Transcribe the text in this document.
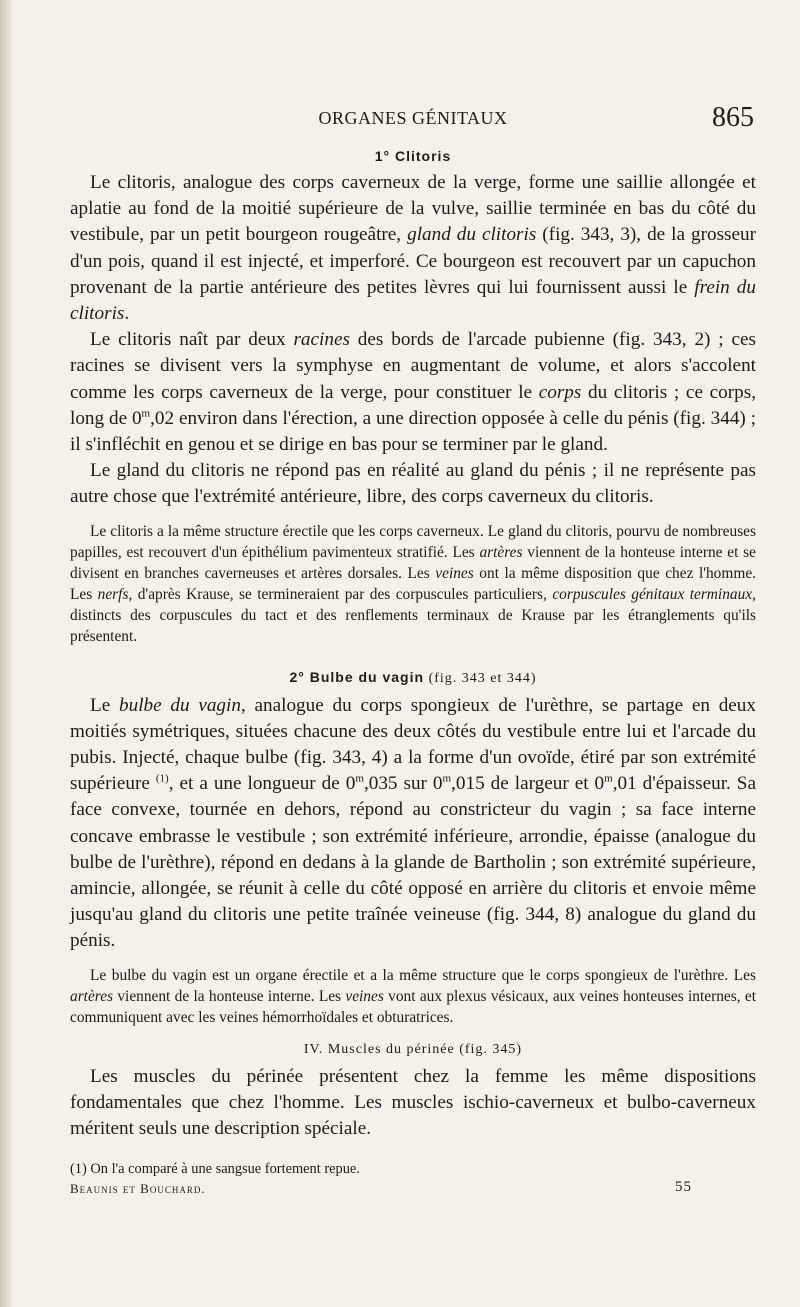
ORGANES GÉNITAUX	865
1° Clitoris

Le clitoris, analogue des corps caverneux de la verge, forme une saillie allongée et aplatie au fond de la moitié supérieure de la vulve, saillie terminée en bas du côté du vestibule, par un petit bourgeon rougeâtre, gland du clitoris (fig. 343, 3), de la grosseur d'un pois, quand il est injecté, et imperforé. Ce bourgeon est recouvert par un capuchon provenant de la partie antérieure des petites lèvres qui lui fournissent aussi le frein du clitoris.

Le clitoris naît par deux racines des bords de l'arcade pubienne (fig. 343, 2) ; ces racines se divisent vers la symphyse en augmentant de volume, et alors s'accolent comme les corps caverneux de la verge, pour constituer le corps du clitoris ; ce corps, long de 0$^m$,02 environ dans l'érection, a une direction opposée à celle du pénis (fig. 344) ; il s'infléchit en genou et se dirige en bas pour se terminer par le gland.

Le gland du clitoris ne répond pas en réalité au gland du pénis ; il ne représente pas autre chose que l'extrémité antérieure, libre, des corps caverneux du clitoris.

Le clitoris a la même structure érectile que les corps caverneux. Le gland du clitoris, pourvu de nombreuses papilles, est recouvert d'un épithélium pavimenteux stratifié. Les artères viennent de la honteuse interne et se divisent en branches caverneuses et artères dorsales. Les veines ont la même disposition que chez l'homme. Les nerfs, d'après Krause, se termineraient par des corpuscules particuliers, corpuscules génitaux terminaux, distincts des corpuscules du tact et des renflements terminaux de Krause par les étranglements qu'ils présentent.

2° Bulbe du vagin (fig. 343 et 344)

Le bulbe du vagin, analogue du corps spongieux de l'urèthre, se partage en deux moitiés symétriques, situées chacune des deux côtés du vestibule entre lui et l'arcade du pubis. Injecté, chaque bulbe (fig. 343, 4) a la forme d'un ovoïde, étiré par son extrémité supérieure $^{(1)}$, et a une longueur de 0$^m$,035 sur 0$^m$,015 de largeur et 0$^m$,01 d'épaisseur. Sa face convexe, tournée en dehors, répond au constricteur du vagin ; sa face interne concave embrasse le vestibule ; son extrémité inférieure, arrondie, épaisse (analogue du bulbe de l'urèthre), répond en dedans à la glande de Bartholin ; son extrémité supérieure, amincie, allongée, se réunit à celle du côté opposé en arrière du clitoris et envoie même jusqu'au gland du clitoris une petite traînée veineuse (fig. 344, 8) analogue du gland du pénis.

Le bulbe du vagin est un organe érectile et a la même structure que le corps spongieux de l'urèthre. Les artères viennent de la honteuse interne. Les veines vont aux plexus vésicaux, aux veines honteuses internes, et communiquent avec les veines hémorrhoïdales et obturatrices.

IV. Muscles du périnée (fig. 345)

Les muscles du périnée présentent chez la femme les même dispositions fondamentales que chez l'homme. Les muscles ischio-caverneux et bulbo-caverneux méritent seuls une description spéciale.

(1) On l'a comparé à une sangsue fortement repue.

Beaunis et Bouchard.	55
